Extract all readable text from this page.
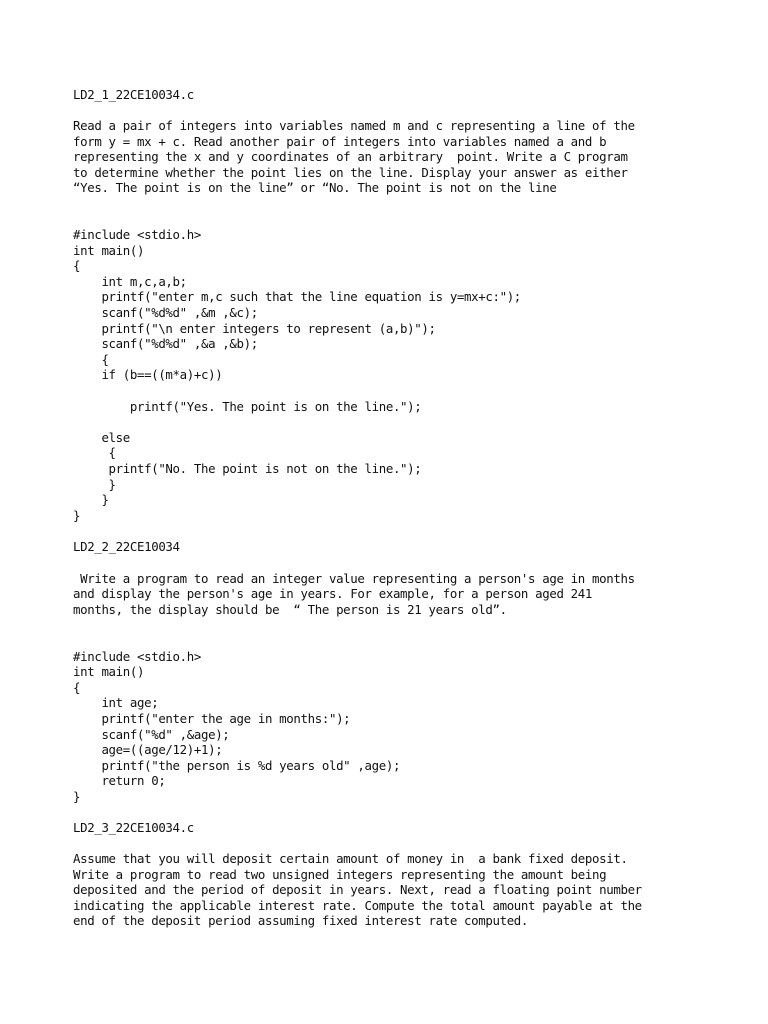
LD2_1_22CE10034.c
Read a pair of integers into variables named m and c representing a line of the
form y = mx + c. Read another pair of integers into variables named a and b
representing the x and y coordinates of an arbitrary  point. Write a C program
to determine whether the point lies on the line. Display your answer as either
“Yes. The point is on the line” or “No. The point is not on the line
#include <stdio.h>
int main()
{
int m,c,a,b;
printf("enter m,c such that the line equation is y=mx+c:");
scanf("%d%d" ,&m ,&c);
printf("\n enter integers to represent (a,b)");
scanf("%d%d" ,&a ,&b);
{
if (b==((m*a)+c))
printf("Yes. The point is on the line.");
else
{
printf("No. The point is not on the line.");
}
}
}
LD2_2_22CE10034
Write a program to read an integer value representing a person's age in months
and display the person's age in years. For example, for a person aged 241
months, the display should be  “ The person is 21 years old”.
#include <stdio.h>
int main()
{
int age;
printf("enter the age in months:");
scanf("%d" ,&age);
age=((age/12)+1);
printf("the person is %d years old" ,age);
return 0;
}
LD2_3_22CE10034.c
Assume that you will deposit certain amount of money in  a bank fixed deposit.
Write a program to read two unsigned integers representing the amount being
deposited and the period of deposit in years. Next, read a floating point number
indicating the applicable interest rate. Compute the total amount payable at the
end of the deposit period assuming fixed interest rate computed.
